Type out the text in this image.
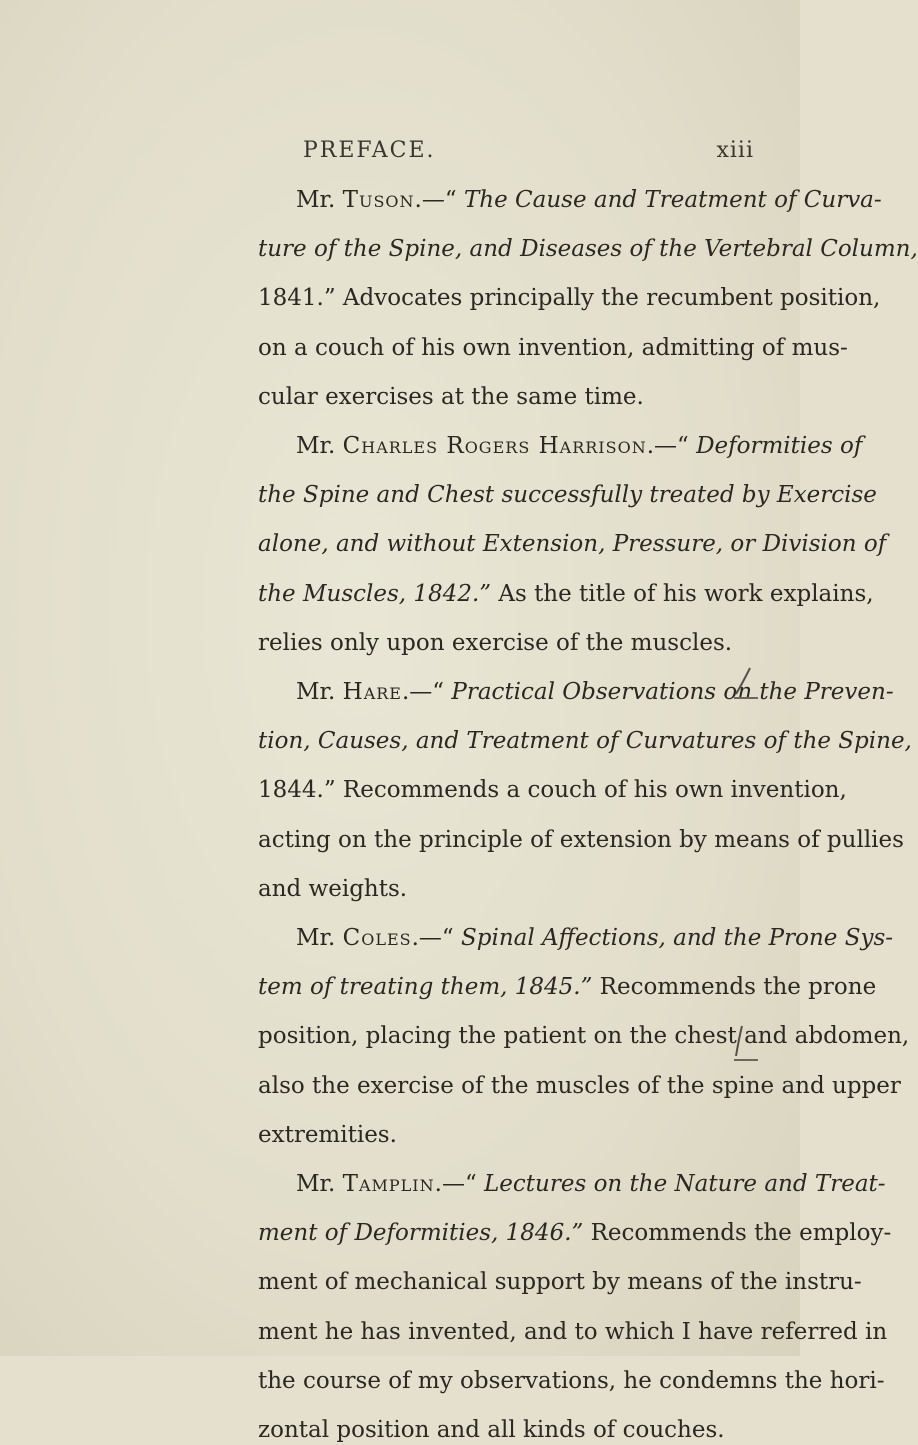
PREFACE.	xiii
Mr. Tuson.—“ The Cause and Treatment of Curva-
ture of the Spine, and Diseases of the Vertebral Column,
1841.” Advocates principally the recumbent position,
on a couch of his own invention, admitting of mus-
cular exercises at the same time.
Mr. Charles Rogers Harrison.—“ Deformities of
the Spine and Chest successfully treated by Exercise
alone, and without Extension, Pressure, or Division of
the Muscles, 1842.” As the title of his work explains,
relies only upon exercise of the muscles.
Mr. Hare.—“ Practical Observations on the Preven-
tion, Causes, and Treatment of Curvatures of the Spine,
1844.” Recommends a couch of his own invention,
acting on the principle of extension by means of pullies
and weights.
Mr. Coles.—“ Spinal Affections, and the Prone Sys-
tem of treating them, 1845.” Recommends the prone
position, placing the patient on the chest and abdomen,
also the exercise of the muscles of the spine and upper
extremities.
Mr. Tamplin.—“ Lectures on the Nature and Treat-
ment of Deformities, 1846.” Recommends the employ-
ment of mechanical support by means of the instru-
ment he has invented, and to which I have referred in
the course of my observations, he condemns the hori-
zontal position and all kinds of couches.
